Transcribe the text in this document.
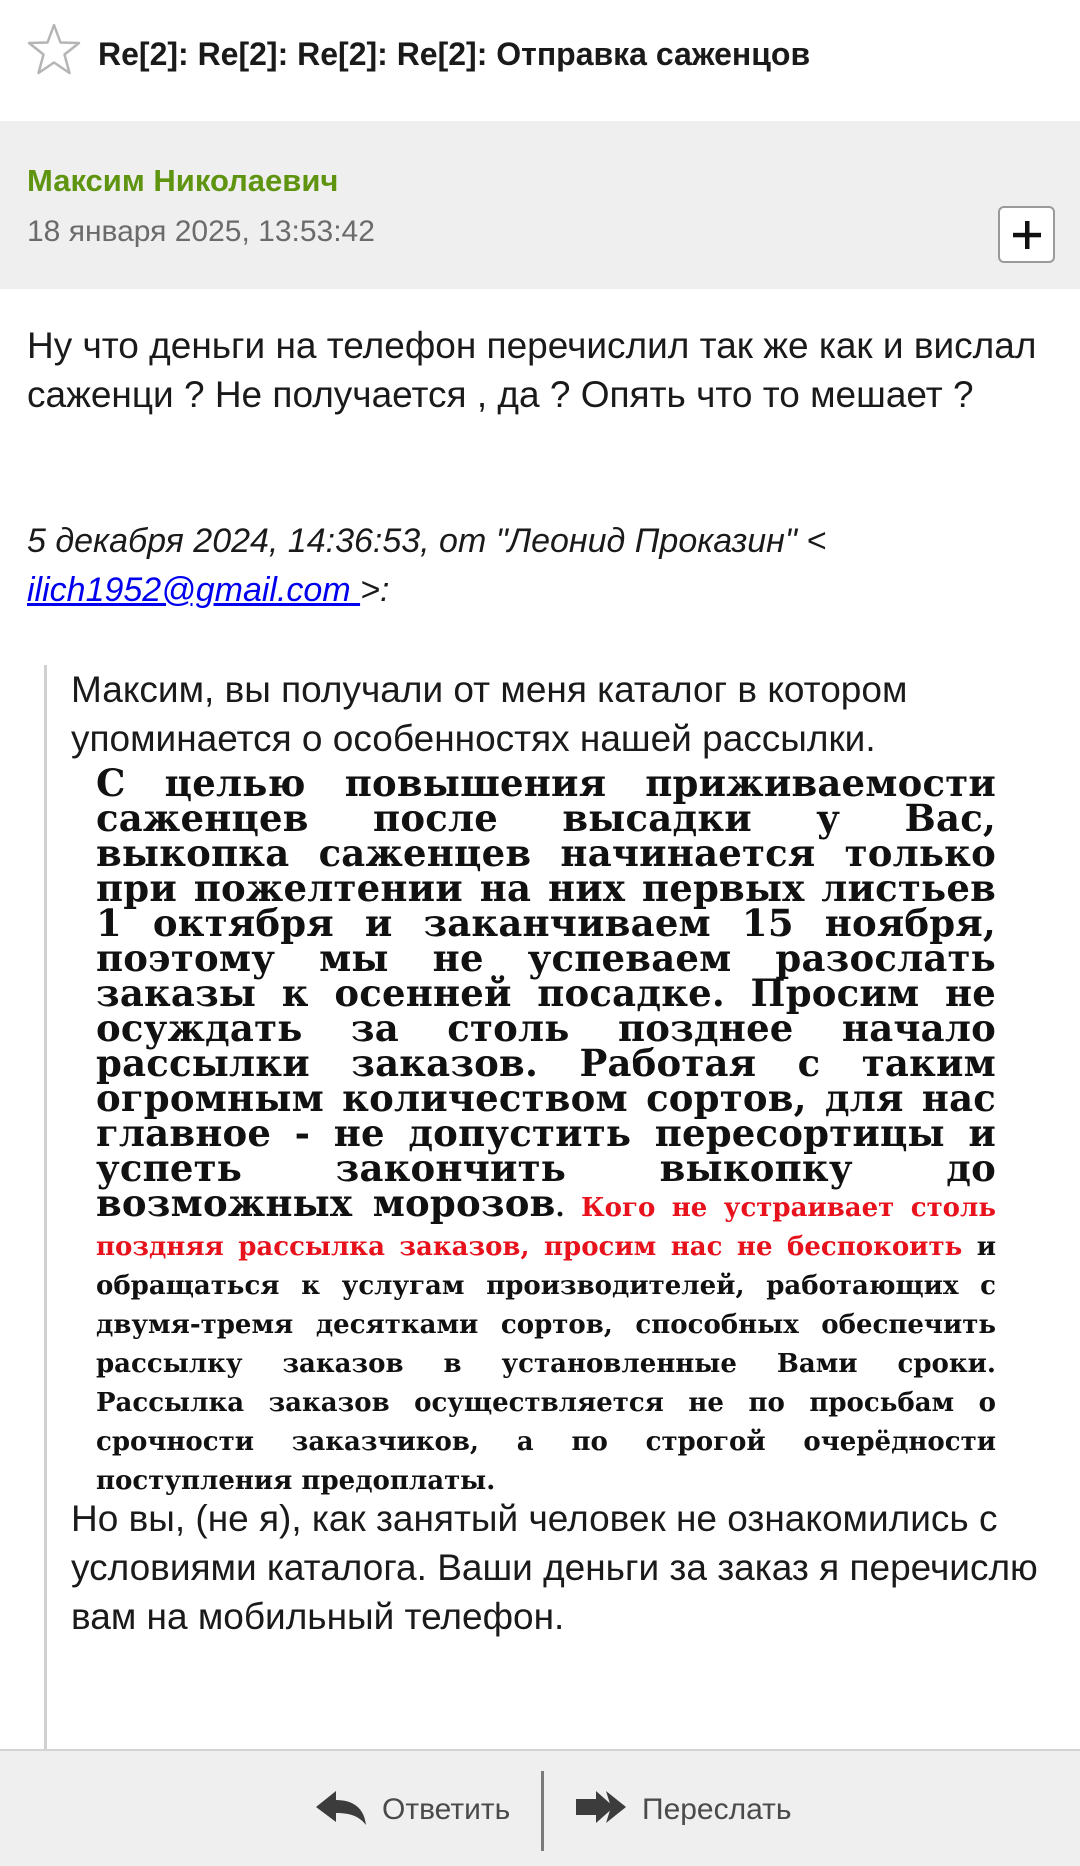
Re[2]: Re[2]: Re[2]: Re[2]: Отправка саженцов
Максим Николаевич
18 января 2025, 13:53:42
Ну что деньги на телефон перечислил так же как и вислал саженци ? Не получается , да ? Опять что то мешает ?
5 декабря 2024, 14:36:53, от "Леонид Проказин" <
ilich1952@gmail.com >:
Максим, вы получали от меня каталог в котором упоминается о особенностях нашей рассылки.
С целью повышения приживаемости саженцев после высадки у Вас, выкопка саженцев начинается только при пожелтении на них первых листьев 1 октября и заканчиваем 15 ноября, поэтому мы не успеваем разослать заказы к осенней посадке. Просим не осуждать за столь позднее начало рассылки заказов. Работая с таким огромным количеством сортов, для нас главное - не допустить пересортицы и успеть закончить выкопку до возможных морозов. Кого не устраивает столь поздняя рассылка заказов, просим нас не беспокоить и обращаться к услугам производителей, работающих с двумя-тремя десятками сортов, способных обеспечить рассылку заказов в установленные Вами сроки. Рассылка заказов осуществляется не по просьбам о срочности заказчиков, а по строгой очерёдности поступления предоплаты.
Но вы, (не я), как занятый человек не ознакомились с условиями каталога. Ваши деньги за заказ я перечислю вам на мобильный телефон.
Ответить	Переслать
